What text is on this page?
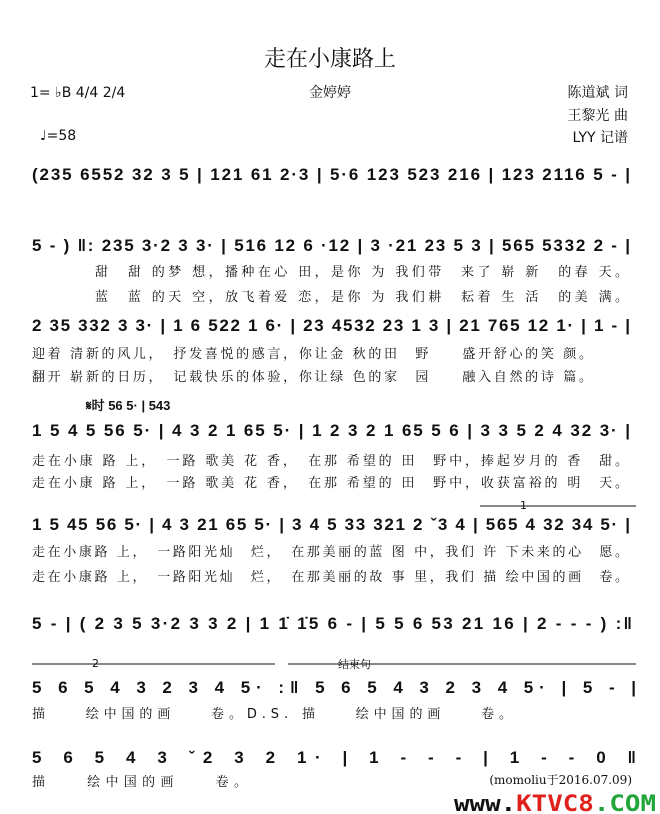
走在小康路上
金婷婷
1= ♭B 4/4 2/4
♩=58
陈道斌 词
王黎光 曲
LYY 记谱
(235 6552 32 3 5 | 121 61 2·3 | 5·6 123 523 216 | 123 2116 5 - |
5 - ) ‖: 235 3·2 3 3· | 516 12 6 ·12 | 3 ·21 23 5 3 | 565 5332 2 - |
甜　甜 的梦 想，播种在心 田，是你 为 我们带　来了 崭 新　的春 天。
蓝　蓝 的天 空，放飞着爱 恋，是你 为 我们耕　耘着 生 活　的美 满。
2 35 332 3 3· | 1 6 522 1 6· | 23 4532 23 1 3 | 21 765 12 1· | 1 - |
迎着 清新的风儿，　抒发喜悦的感言，你让金 秋的田　野　　盛开舒心的笑 颜。
翻开 崭新的日历，　记载快乐的体验，你让绿 色的家　园　　融入自然的诗 篇。
𝄋时 56 5· | 543
1 5 4 5 56 5· | 4 3 2 1 65 5· | 1 2 3 2 1 65 5 6 | 3 3 5 2 4 32 3· |
走在小康 路 上，　一路 歌美 花 香，　在那 希望的 田　野中，捧起岁月的 香　甜。
走在小康 路 上，　一路 歌美 花 香，　在那 希望的 田　野中，收获富裕的 明　天。
1
1 5 45 56 5· | 4 3 21 65 5· | 3 4 5 33 321 2 ˇ3 4 | 565 4 32 34 5· |
走在小康路 上，　一路阳光灿　烂，　在那美丽的蓝 图 中，我们 许 下未来的心　愿。
走在小康路 上，　一路阳光灿　烂，　在那美丽的故 事 里，我们 描 绘中国的画　卷。
5 - | ( 2 3 5 3·2 3 3 2 | 1 1̇ 1̇5 6 - | 5 5 6 53 21 16 | 2 - - - ) :‖
2	结束句
5 6 5 4 3 2 3 4 5· :‖ 5 6 5 4 3 2 3 4 5· | 5 - |
描　　绘中国的画　　卷。D.S. 描　　绘中国的画　　卷。
5 6 5 4 3 ˇ2 3 2 1· | 1 - - - | 1 - - 0 ‖
描　　绘中国的画　　卷。	(momoliu于2016.07.09)
www. KTVC8 .COM
